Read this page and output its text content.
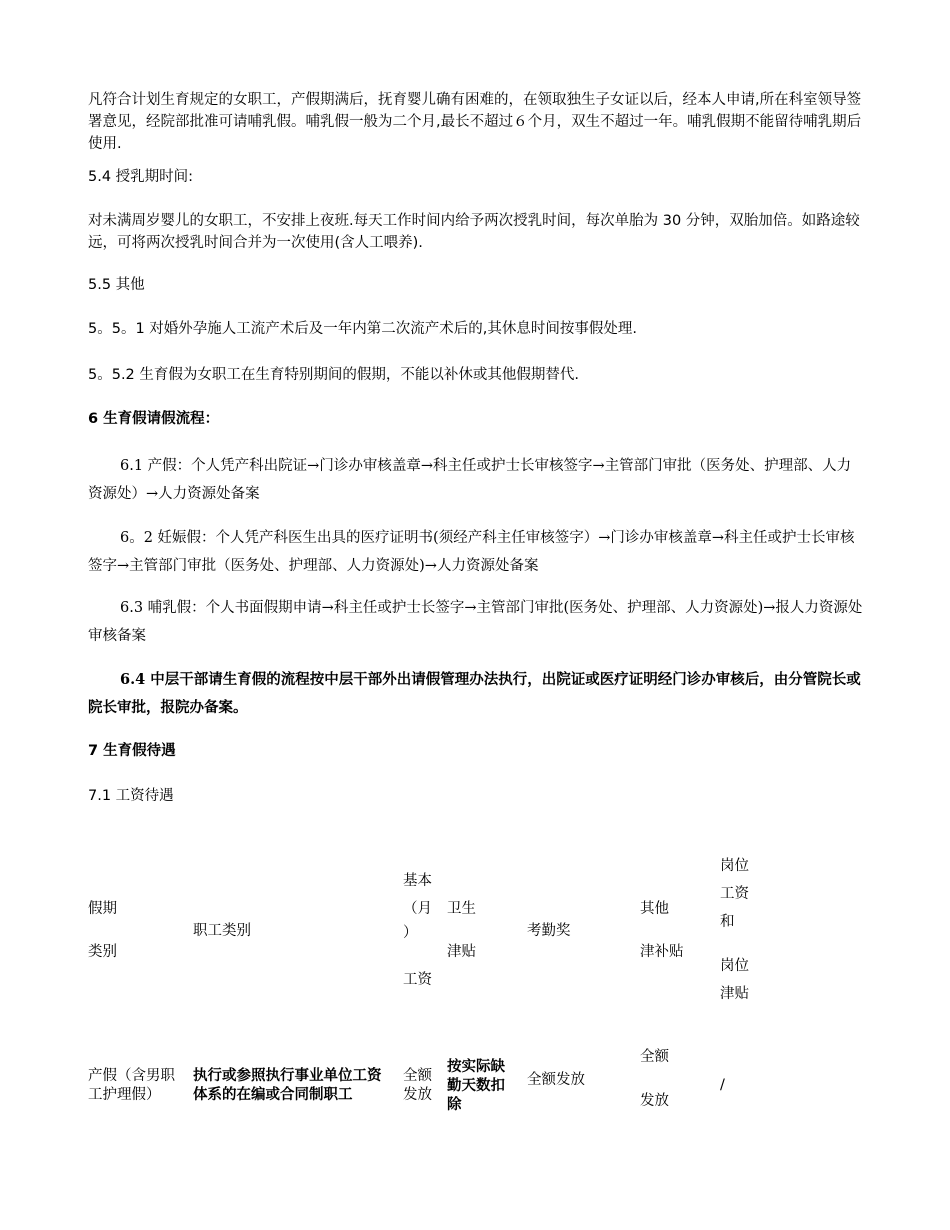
凡符合计划生育规定的女职工，产假期满后，抚育婴儿确有困难的，在领取独生子女证以后，经本人申请,所在科室领导签署意见，经院部批准可请哺乳假。哺乳假一般为二个月,最长不超过６个月，双生不超过一年。哺乳假期不能留待哺乳期后使用.
5.4 授乳期时间:
对未满周岁婴儿的女职工，不安排上夜班.每天工作时间内给予两次授乳时间，每次单胎为 30 分钟，双胎加倍。如路途较远，可将两次授乳时间合并为一次使用(含人工喂养).
5.5 其他
5。5。1 对婚外孕施人工流产术后及一年内第二次流产术后的,其休息时间按事假处理.
5。5.2 生育假为女职工在生育特别期间的假期，不能以补休或其他假期替代.
6 生育假请假流程：
6.1 产假：个人凭产科出院证→门诊办审核盖章→科主任或护士长审核签字→主管部门审批（医务处、护理部、人力资源处）→人力资源处备案
6。2 妊娠假：个人凭产科医生出具的医疗证明书(须经产科主任审核签字）→门诊办审核盖章→科主任或护士长审核签字→主管部门审批（医务处、护理部、人力资源处)→人力资源处备案
6.3 哺乳假：个人书面假期申请→科主任或护士长签字→主管部门审批(医务处、护理部、人力资源处)→报人力资源处审核备案
6.4 中层干部请生育假的流程按中层干部外出请假管理办法执行，出院证或医疗证明经门诊办审核后，由分管院长或院长审批，报院办备案。
7 生育假待遇
7.1 工资待遇
假期
类别
职工类别
基本
（月
）
工资
卫生
津贴
考勤奖
其他
津补贴
岗位
工资
和
岗位
津贴
产假（含男职工护理假）
执行或参照执行事业单位工资体系的在编或合同制职工
全额发放
按实际缺勤天数扣除
全额发放
全额
发放
/
